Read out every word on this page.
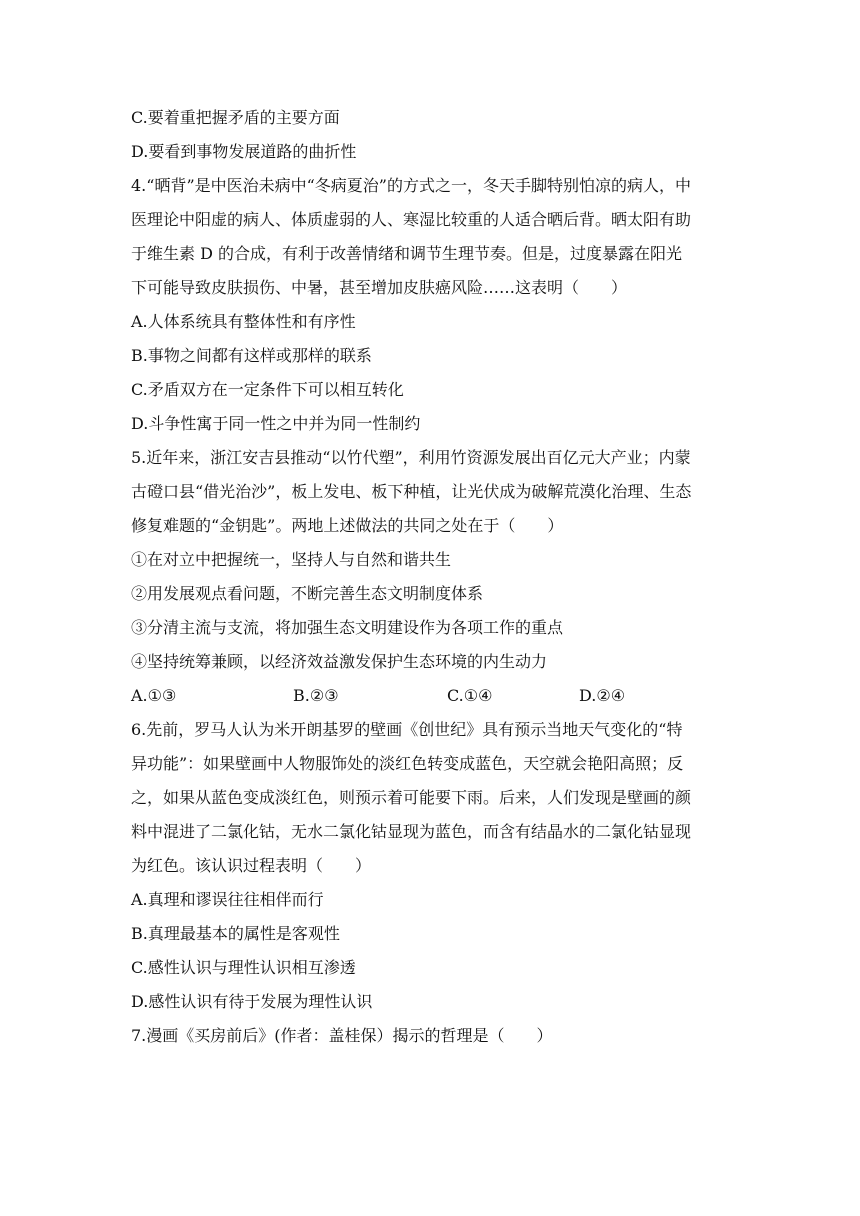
C.要着重把握矛盾的主要方面
D.要看到事物发展道路的曲折性
4.“晒背”是中医治未病中“冬病夏治”的方式之一，冬天手脚特别怕凉的病人，中
医理论中阳虚的病人、体质虚弱的人、寒湿比较重的人适合晒后背。晒太阳有助
于维生素 D 的合成，有利于改善情绪和调节生理节奏。但是，过度暴露在阳光
下可能导致皮肤损伤、中暑，甚至增加皮肤癌风险……这表明（　　）
A.人体系统具有整体性和有序性
B.事物之间都有这样或那样的联系
C.矛盾双方在一定条件下可以相互转化
D.斗争性寓于同一性之中并为同一性制约
5.近年来，浙江安吉县推动“以竹代塑”，利用竹资源发展出百亿元大产业；内蒙
古磴口县“借光治沙”，板上发电、板下种植，让光伏成为破解荒漠化治理、生态
修复难题的“金钥匙”。两地上述做法的共同之处在于（　　）
①在对立中把握统一，坚持人与自然和谐共生
②用发展观点看问题，不断完善生态文明制度体系
③分清主流与支流，将加强生态文明建设作为各项工作的重点
④坚持统筹兼顾，以经济效益激发保护生态环境的内生动力
A.①③	B.②③	C.①④	D.②④
6.先前，罗马人认为米开朗基罗的壁画《创世纪》具有预示当地天气变化的“特
异功能”：如果壁画中人物服饰处的淡红色转变成蓝色，天空就会艳阳高照；反
之，如果从蓝色变成淡红色，则预示着可能要下雨。后来，人们发现是壁画的颜
料中混进了二氯化钴，无水二氯化钴显现为蓝色，而含有结晶水的二氯化钴显现
为红色。该认识过程表明（　　）
A.真理和谬误往往相伴而行
B.真理最基本的属性是客观性
C.感性认识与理性认识相互渗透
D.感性认识有待于发展为理性认识
7.漫画《买房前后》(作者：盖桂保）揭示的哲理是（　　）
